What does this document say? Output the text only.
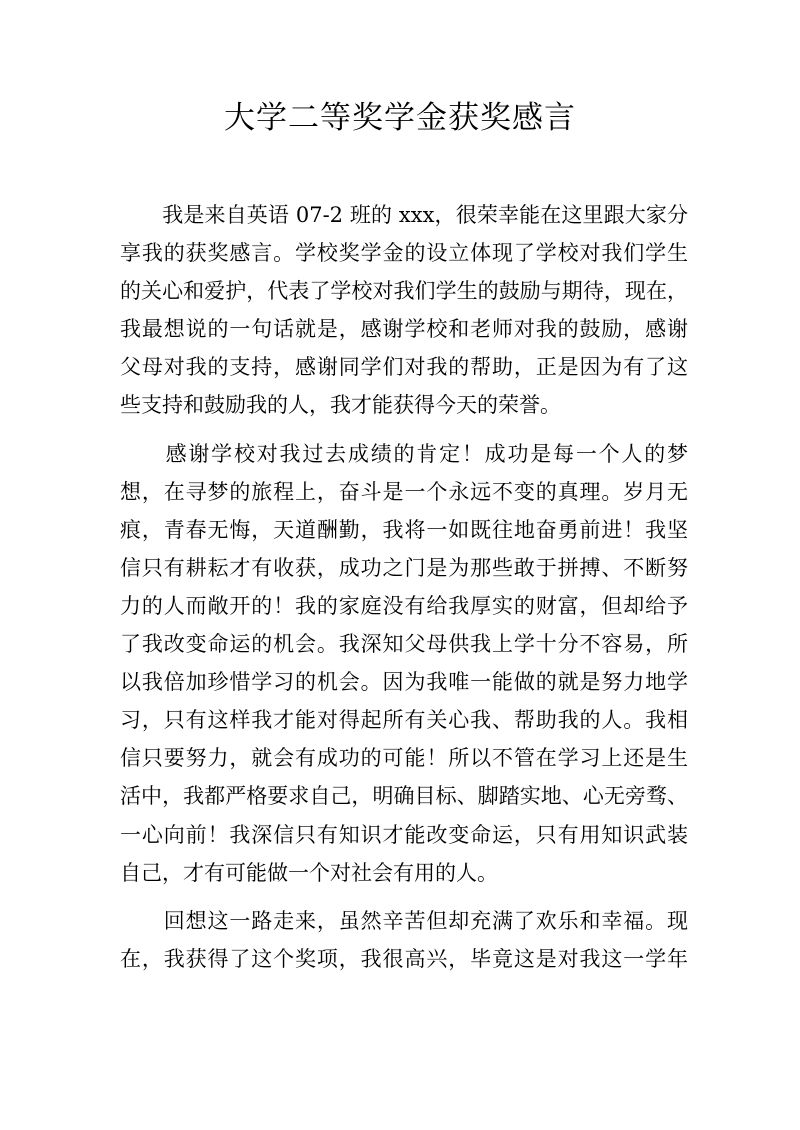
大学二等奖学金获奖感言
　　我是来自英语 07-2 班的 xxx，很荣幸能在这里跟大家分
享我的获奖感言。学校奖学金的设立体现了学校对我们学生
的关心和爱护，代表了学校对我们学生的鼓励与期待，现在，
我最想说的一句话就是，感谢学校和老师对我的鼓励，感谢
父母对我的支持，感谢同学们对我的帮助，正是因为有了这
些支持和鼓励我的人，我才能获得今天的荣誉。
　　感谢学校对我过去成绩的肯定！成功是每一个人的梦
想，在寻梦的旅程上，奋斗是一个永远不变的真理。岁月无
痕，青春无悔，天道酬勤，我将一如既往地奋勇前进！我坚
信只有耕耘才有收获，成功之门是为那些敢于拼搏、不断努
力的人而敞开的！我的家庭没有给我厚实的财富，但却给予
了我改变命运的机会。我深知父母供我上学十分不容易，所
以我倍加珍惜学习的机会。因为我唯一能做的就是努力地学
习，只有这样我才能对得起所有关心我、帮助我的人。我相
信只要努力，就会有成功的可能！所以不管在学习上还是生
活中，我都严格要求自己，明确目标、脚踏实地、心无旁骛、
一心向前！我深信只有知识才能改变命运，只有用知识武装
自己，才有可能做一个对社会有用的人。
　　回想这一路走来，虽然辛苦但却充满了欢乐和幸福。现
在，我获得了这个奖项，我很高兴，毕竟这是对我这一学年
